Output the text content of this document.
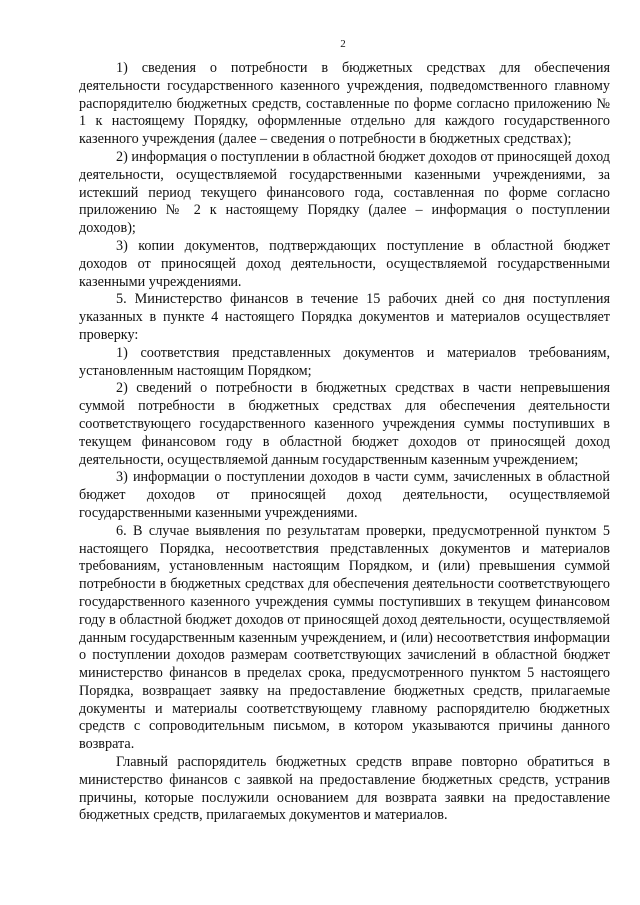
2

1) сведения о потребности в бюджетных средствах для обеспечения деятельности государственного казенного учреждения, подведомственного главному распорядителю бюджетных средств, составленные по форме согласно приложению № 1 к настоящему Порядку, оформленные отдельно для каждого государственного казенного учреждения (далее – сведения о потребности в бюджетных средствах);

2) информация о поступлении в областной бюджет доходов от приносящей доход деятельности, осуществляемой государственными казенными учреждениями, за истекший период текущего финансового года, составленная по форме согласно приложению № 2 к настоящему Порядку (далее – информация о поступлении доходов);

3) копии документов, подтверждающих поступление в областной бюджет доходов от приносящей доход деятельности, осуществляемой государственными казенными учреждениями.

5. Министерство финансов в течение 15 рабочих дней со дня поступления указанных в пункте 4 настоящего Порядка документов и материалов осуществляет проверку:

1) соответствия представленных документов и материалов требованиям, установленным настоящим Порядком;

2) сведений о потребности в бюджетных средствах в части непревышения суммой потребности в бюджетных средствах для обеспечения деятельности соответствующего государственного казенного учреждения суммы поступивших в текущем финансовом году в областной бюджет доходов от приносящей доход деятельности, осуществляемой данным государственным казенным учреждением;

3) информации о поступлении доходов в части сумм, зачисленных в областной бюджет доходов от приносящей доход деятельности, осуществляемой государственными казенными учреждениями.

6. В случае выявления по результатам проверки, предусмотренной пунктом 5 настоящего Порядка, несоответствия представленных документов и материалов требованиям, установленным настоящим Порядком, и (или) превышения суммой потребности в бюджетных средствах для обеспечения деятельности соответствующего государственного казенного учреждения суммы поступивших в текущем финансовом году в областной бюджет доходов от приносящей доход деятельности, осуществляемой данным государственным казенным учреждением, и (или) несоответствия информации о поступлении доходов размерам соответствующих зачислений в областной бюджет министерство финансов в пределах срока, предусмотренного пунктом 5 настоящего Порядка, возвращает заявку на предоставление бюджетных средств, прилагаемые документы и материалы соответствующему главному распорядителю бюджетных средств с сопроводительным письмом, в котором указываются причины данного возврата.

Главный распорядитель бюджетных средств вправе повторно обратиться в министерство финансов с заявкой на предоставление бюджетных средств, устранив причины, которые послужили основанием для возврата заявки на предоставление бюджетных средств, прилагаемых документов и материалов.
